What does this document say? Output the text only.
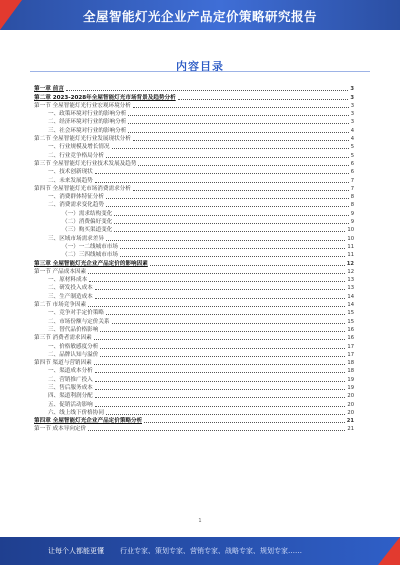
全屋智能灯光企业产品定价策略研究报告
内容目录
第一章 前言	3
第二章 2023-2028年全屋智能灯光市场背景及趋势分析	3
第一节 全屋智能灯光行业宏观环境分析	3
一、政策环境对行业的影响分析	3
二、经济环境对行业的影响分析	3
三、社会环境对行业的影响分析	4
第二节 全屋智能灯光行业发展现状分析	4
一、行业规模及增长情况	5
二、行业竞争格局分析	5
第三节 全屋智能灯光行业技术发展及趋势	6
一、技术创新现状	6
二、未来发展趋势	7
第四节 全屋智能灯光市场消费需求分析	7
一、消费群体特征分析	8
二、消费需求变化趋势	8
（一）需求结构变化	9
（二）消费偏好变化	9
（三）购买渠道变化	10
三、区域市场需求差异	10
（一）一二线城市市场	11
（二）三四线城市市场	11
第三章 全屋智能灯光企业产品定价的影响因素	12
第一节 产品成本因素	12
一、原材料成本	13
二、研发投入成本	13
三、生产制造成本	14
第二节 市场竞争因素	14
一、竞争对手定价策略	15
二、市场份额与定价关系	15
三、替代品价格影响	16
第三节 消费者需求因素	16
一、价格敏感度分析	17
二、品牌认知与溢价	17
第四节 渠道与营销因素	18
一、渠道成本分析	18
二、营销推广投入	19
三、售后服务成本	19
四、渠道利润分配	20
五、促销活动影响	20
六、线上线下价格协同	20
第四章 全屋智能灯光企业产品定价策略分析	21
第一节 成本导向定价	21
1
让每个人都能更懂 行业专家、策划专家、营销专家、战略专家、规划专家……
